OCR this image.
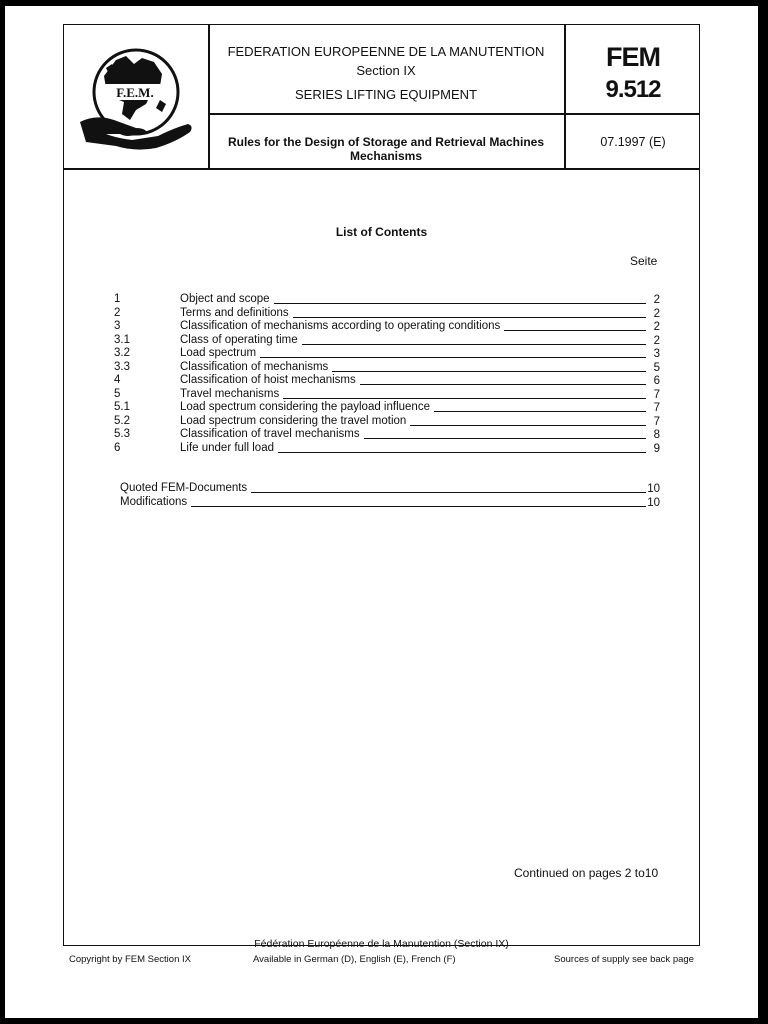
F.E.M.
FEDERATION EUROPEENNE DE LA MANUTENTION
Section IX
SERIES LIFTING EQUIPMENT
FEM
9.512
Rules for the Design of Storage and Retrieval Machines
Mechanisms
07.1997 (E)
List of Contents
Seite
1	Object and scope	2
2	Terms and definitions	2
3	Classification of mechanisms according to operating conditions	2
3.1	Class of operating time	2
3.2	Load spectrum	3
3.3	Classification of mechanisms	5
4	Classification of hoist mechanisms	6
5	Travel mechanisms	7
5.1	Load spectrum considering the payload influence	7
5.2	Load spectrum considering the travel motion	7
5.3	Classification of travel mechanisms	8
6	Life under full load	9
Quoted FEM-Documents	10
Modifications	10
Continued on pages 2 to10
Fédération Européenne de la Manutention (Section IX)
Copyright by FEM Section IX	Available in German (D), English (E), French (F)	Sources of supply see back page
